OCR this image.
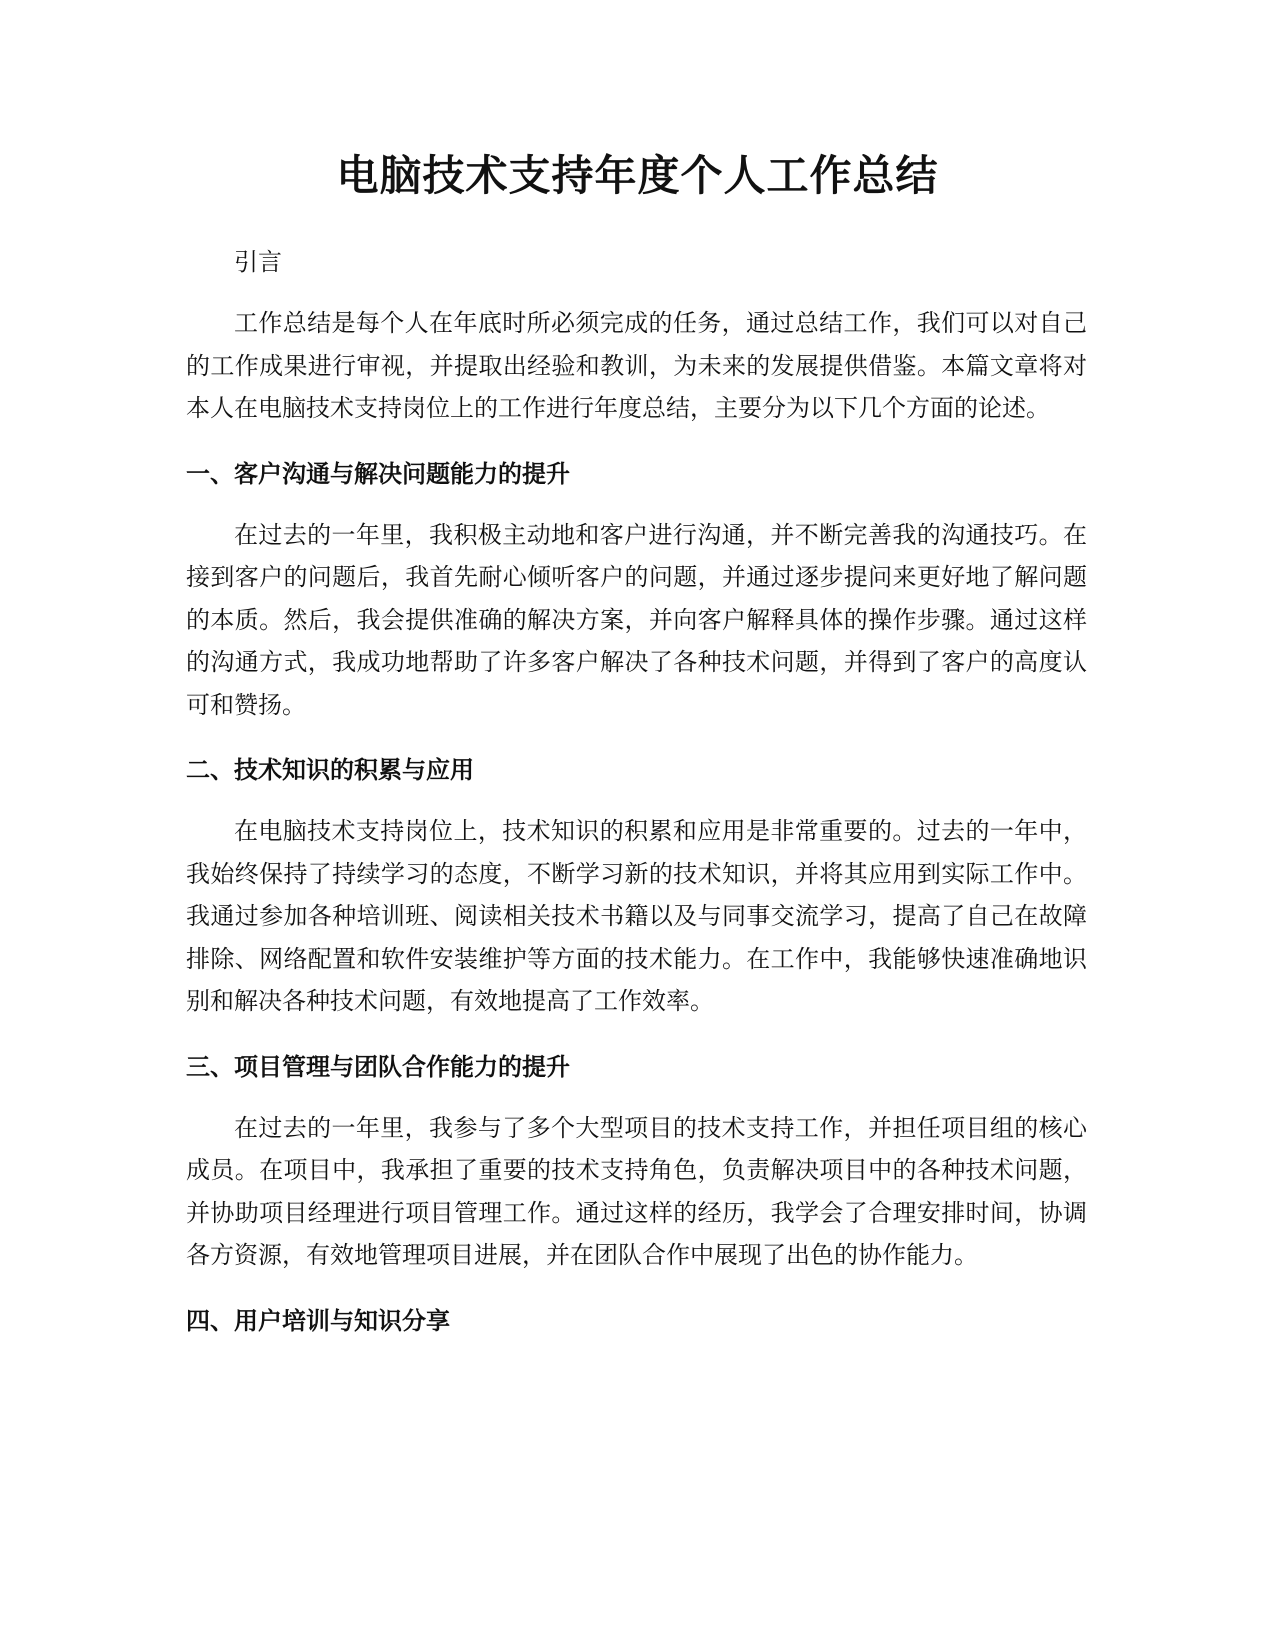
电脑技术支持年度个人工作总结

引言

工作总结是每个人在年底时所必须完成的任务，通过总结工作，我们可以对自己的工作成果进行审视，并提取出经验和教训，为未来的发展提供借鉴。本篇文章将对本人在电脑技术支持岗位上的工作进行年度总结，主要分为以下几个方面的论述。

一、客户沟通与解决问题能力的提升

在过去的一年里，我积极主动地和客户进行沟通，并不断完善我的沟通技巧。在接到客户的问题后，我首先耐心倾听客户的问题，并通过逐步提问来更好地了解问题的本质。然后，我会提供准确的解决方案，并向客户解释具体的操作步骤。通过这样的沟通方式，我成功地帮助了许多客户解决了各种技术问题，并得到了客户的高度认可和赞扬。

二、技术知识的积累与应用

在电脑技术支持岗位上，技术知识的积累和应用是非常重要的。过去的一年中，我始终保持了持续学习的态度，不断学习新的技术知识，并将其应用到实际工作中。我通过参加各种培训班、阅读相关技术书籍以及与同事交流学习，提高了自己在故障排除、网络配置和软件安装维护等方面的技术能力。在工作中，我能够快速准确地识别和解决各种技术问题，有效地提高了工作效率。

三、项目管理与团队合作能力的提升

在过去的一年里，我参与了多个大型项目的技术支持工作，并担任项目组的核心成员。在项目中，我承担了重要的技术支持角色，负责解决项目中的各种技术问题，并协助项目经理进行项目管理工作。通过这样的经历，我学会了合理安排时间，协调各方资源，有效地管理项目进展，并在团队合作中展现了出色的协作能力。

四、用户培训与知识分享
